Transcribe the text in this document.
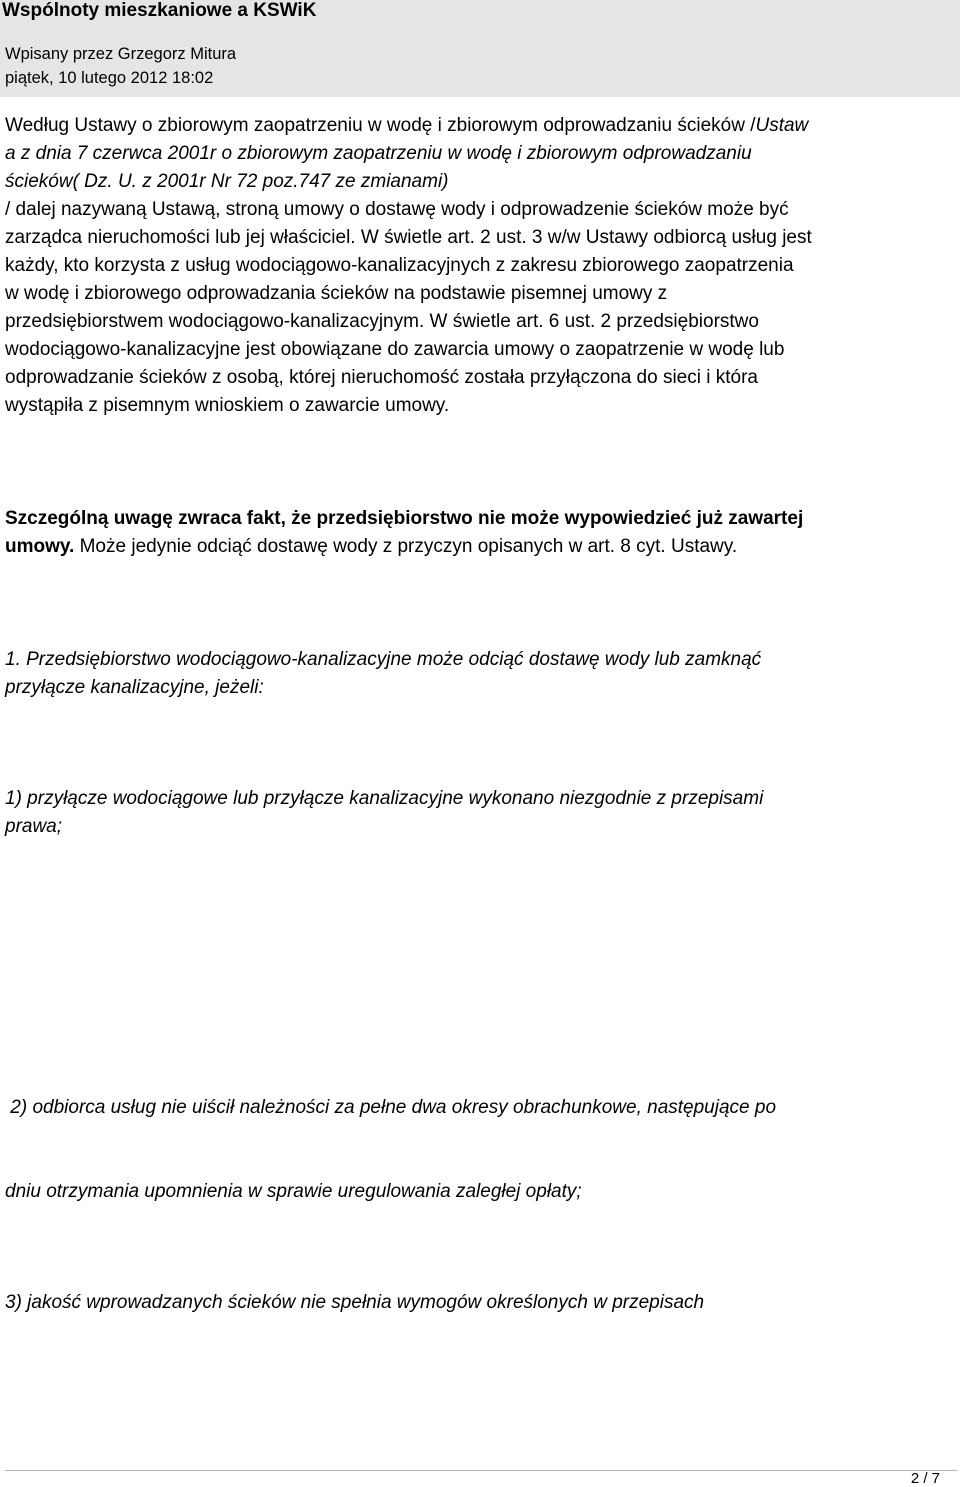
Wspólnoty mieszkaniowe a KSWiK
Wpisany przez Grzegorz Mitura
piątek, 10 lutego 2012 18:02
Według Ustawy o zbiorowym zaopatrzeniu w wodę i zbiorowym odprowadzaniu ścieków /Ustaw
a z dnia 7 czerwca 2001r o zbiorowym zaopatrzeniu w wodę i zbiorowym odprowadzaniu
ścieków( Dz. U. z 2001r Nr 72 poz.747 ze zmianami)
/ dalej nazywaną Ustawą, stroną umowy o dostawę wody i odprowadzenie ścieków może być
zarządca nieruchomości lub jej właściciel. W świetle art. 2 ust. 3 w/w Ustawy odbiorcą usług jest
każdy, kto korzysta z usług wodociągowo-kanalizacyjnych z zakresu zbiorowego zaopatrzenia
w wodę i zbiorowego odprowadzania ścieków na podstawie pisemnej umowy z
przedsiębiorstwem wodociągowo-kanalizacyjnym. W świetle art. 6 ust. 2 przedsiębiorstwo
wodociągowo-kanalizacyjne jest obowiązane do zawarcia umowy o zaopatrzenie w wodę lub
odprowadzanie ścieków z osobą, której nieruchomość została przyłączona do sieci i która
wystąpiła z pisemnym wnioskiem o zawarcie umowy.
Szczególną uwagę zwraca fakt, że przedsiębiorstwo nie może wypowiedzieć już zawartej
umowy. Może jedynie odciąć dostawę wody z przyczyn opisanych w art. 8 cyt. Ustawy.
1. Przedsiębiorstwo wodociągowo-kanalizacyjne może odciąć dostawę wody lub zamknąć
przyłącze kanalizacyjne, jeżeli:
1) przyłącze wodociągowe lub przyłącze kanalizacyjne wykonano niezgodnie z przepisami
prawa;

2) odbiorca usług nie uiścił należności za pełne dwa okresy obrachunkowe, następujące po

dniu otrzymania upomnienia w sprawie uregulowania zaległej opłaty;

3) jakość wprowadzanych ścieków nie spełnia wymogów określonych w przepisach
2 / 7
